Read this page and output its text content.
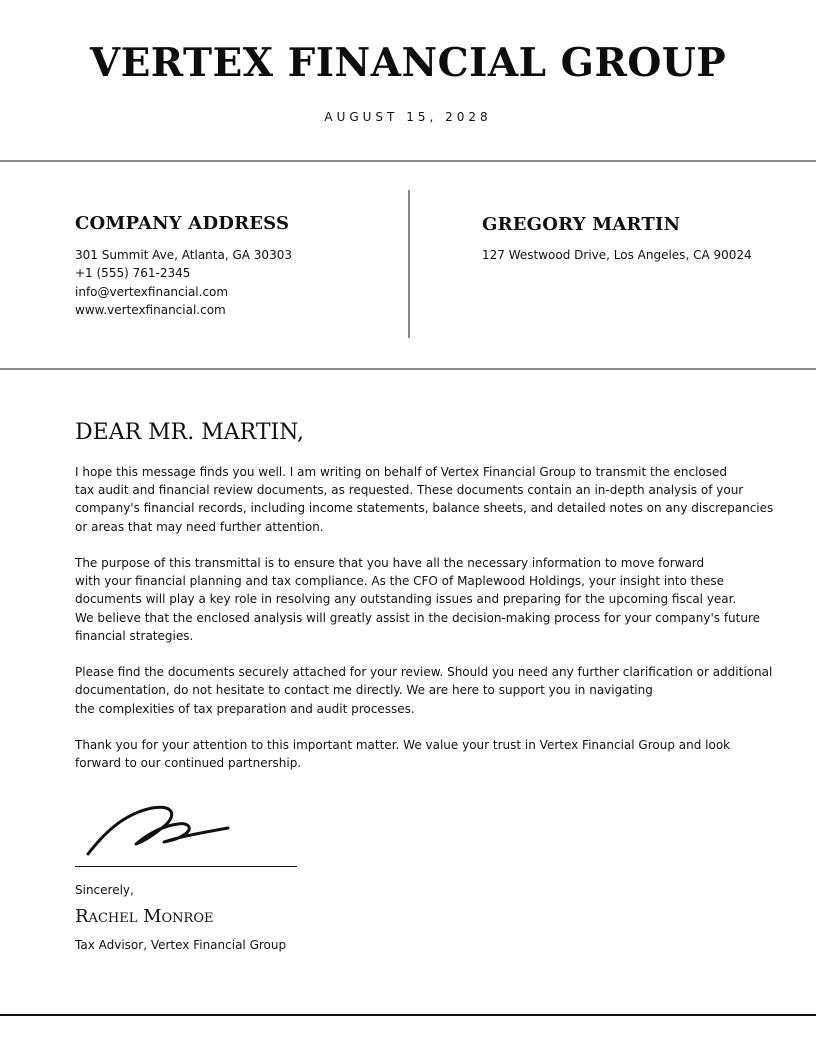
VERTEX FINANCIAL GROUP
AUGUST 15, 2028
COMPANY ADDRESS
301 Summit Ave, Atlanta, GA 30303
+1 (555) 761-2345
info@vertexfinancial.com
www.vertexfinancial.com
GREGORY MARTIN
127 Westwood Drive, Los Angeles, CA 90024
DEAR MR. MARTIN,
I hope this message finds you well. I am writing on behalf of Vertex Financial Group to transmit the enclosed
tax audit and financial review documents, as requested. These documents contain an in-depth analysis of your
company's financial records, including income statements, balance sheets, and detailed notes on any discrepancies
or areas that may need further attention.
The purpose of this transmittal is to ensure that you have all the necessary information to move forward
with your financial planning and tax compliance. As the CFO of Maplewood Holdings, your insight into these
documents will play a key role in resolving any outstanding issues and preparing for the upcoming fiscal year.
We believe that the enclosed analysis will greatly assist in the decision-making process for your company's future
financial strategies.
Please find the documents securely attached for your review. Should you need any further clarification or additional
documentation, do not hesitate to contact me directly. We are here to support you in navigating
the complexities of tax preparation and audit processes.
Thank you for your attention to this important matter. We value your trust in Vertex Financial Group and look
forward to our continued partnership.
Sincerely,
Rachel Monroe
Tax Advisor, Vertex Financial Group
